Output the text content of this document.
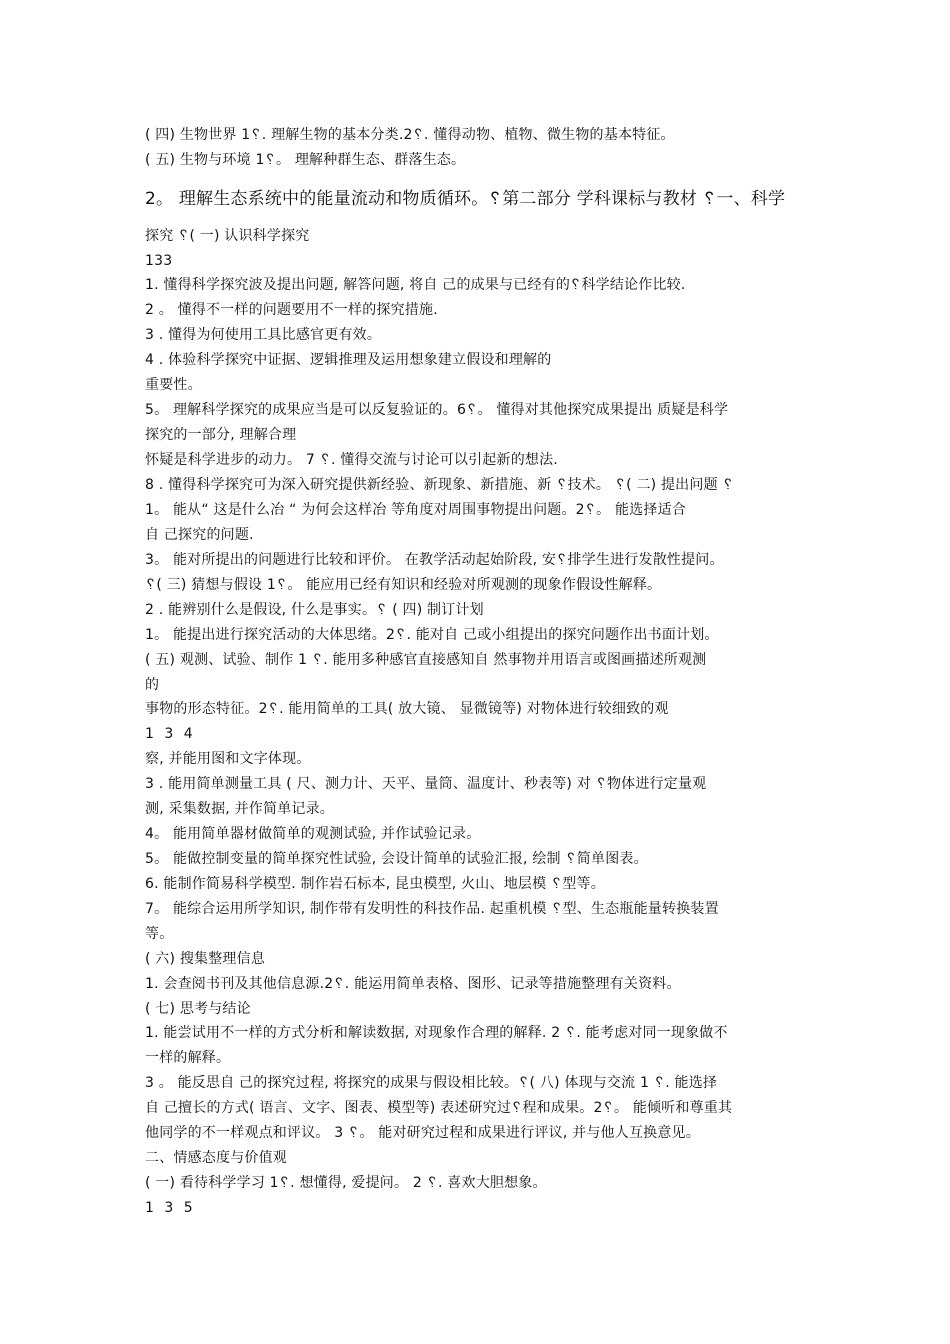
( 四) 生物世界 1␦. 理解生物的基本分类.2␦. 懂得动物、植物、微生物的基本特征。
( 五) 生物与环境 1␦。 理解种群生态、群落生态。
2。 理解生态系统中的能量流动和物质循环。␦第二部分 学科课标与教材 ␦一、科学
探究 ␦( 一) 认识科学探究
133
1. 懂得科学探究波及提出问题, 解答问题, 将自 己的成果与已经有的␦科学结论作比较.
2 。 懂得不一样的问题要用不一样的探究措施.
3 . 懂得为何使用工具比感官更有效。
4 . 体验科学探究中证据、逻辑推理及运用想象建立假设和理解的
重要性。
5。 理解科学探究的成果应当是可以反复验证的。6␦。 懂得对其他探究成果提出 质疑是科学
探究的一部分, 理解合理
怀疑是科学进步的动力。 7 ␦. 懂得交流与讨论可以引起新的想法.
8 . 懂得科学探究可为深入研究提供新经验、新现象、新措施、新 ␦技术。 ␦( 二) 提出问题 ␦
1。 能从“ 这是什么冶 “ 为何会这样冶 等角度对周围事物提出问题。2␦。 能选择适合
自 己探究的问题.
3。 能对所提出的问题进行比较和评价。 在教学活动起始阶段, 安␦排学生进行发散性提问。
␦( 三) 猜想与假设 1␦。 能应用已经有知识和经验对所观测的现象作假设性解释。
2 . 能辨别什么是假设, 什么是事实。␦ ( 四) 制订计划
1。 能提出进行探究活动的大体思绪。2␦. 能对自 己或小组提出的探究问题作出书面计划。
( 五) 观测、试验、制作 1 ␦. 能用多种感官直接感知自 然事物并用语言或图画描述所观测
的
事物的形态特征。2␦. 能用简单的工具( 放大镜、 显微镜等) 对物体进行较细致的观
1 3 4
察, 并能用图和文字体现。
3 . 能用简单测量工具 ( 尺、测力计、天平、量筒、温度计、秒表等) 对 ␦物体进行定量观
测, 采集数据, 并作简单记录。
4。 能用简单器材做简单的观测试验, 并作试验记录。
5。 能做控制变量的简单探究性试验, 会设计简单的试验汇报, 绘制 ␦简单图表。
6. 能制作简易科学模型. 制作岩石标本, 昆虫模型, 火山、地层模 ␦型等。
7。 能综合运用所学知识, 制作带有发明性的科技作品. 起重机模 ␦型、生态瓶能量转换装置
等。
( 六) 搜集整理信息
1. 会查阅书刊及其他信息源.2␦. 能运用简单表格、图形、记录等措施整理有关资料。
( 七) 思考与结论
1. 能尝试用不一样的方式分析和解读数据, 对现象作合理的解释. 2 ␦. 能考虑对同一现象做不
一样的解释。
3 。 能反思自 己的探究过程, 将探究的成果与假设相比较。␦( 八) 体现与交流 1 ␦. 能选择
自 己擅长的方式( 语言、文字、图表、模型等) 表述研究过␦程和成果。2␦。 能倾听和尊重其
他同学的不一样观点和评议。 3 ␦。 能对研究过程和成果进行评议, 并与他人互换意见。
二、情感态度与价值观
( 一) 看待科学学习 1␦. 想懂得, 爱提问。 2 ␦. 喜欢大胆想象。
1 3 5
